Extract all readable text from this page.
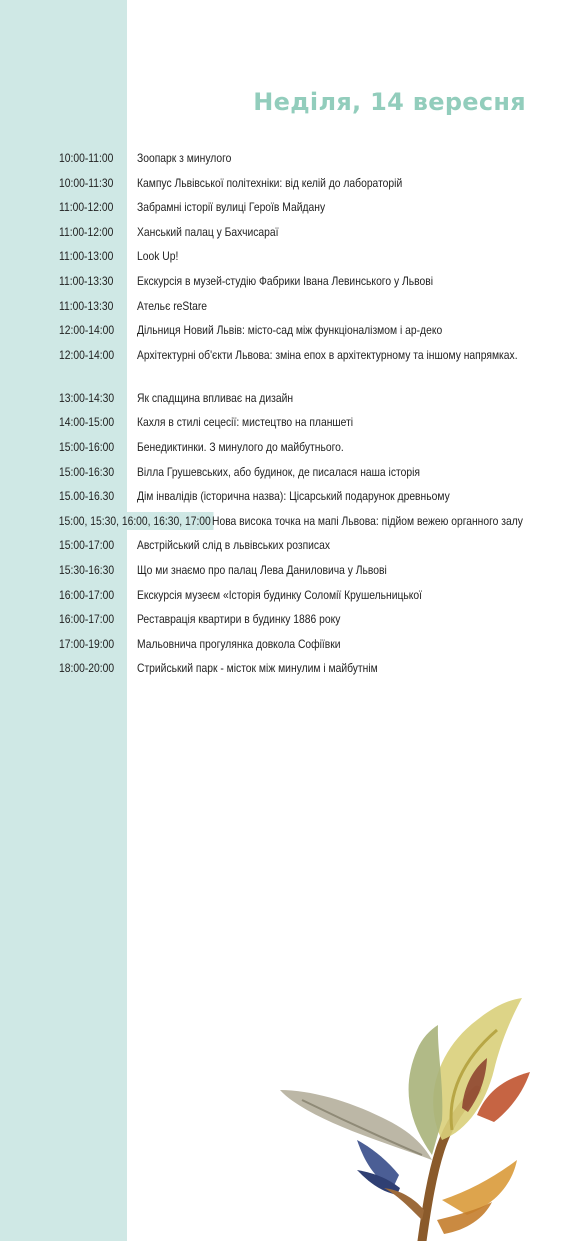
Неділя, 14 вересня
10:00-11:00 Зоопарк з минулого
10:00-11:30 Кампус Львівської політехніки: від келій до лабораторій
11:00-12:00 Забрамні історії вулиці Героїв Майдану
11:00-12:00 Ханський палац у Бахчисараї
11:00-13:00 Look Up!
11:00-13:30 Екскурсія в музей-студію Фабрики Івана Левинського у Львові
11:00-13:30 Ательє reStare
12:00-14:00 Дільниця Новий Львів: місто-сад між функціоналізмом і ар-деко
12:00-14:00 Архітектурні об'єкти Львова: зміна епох в архітектурному та іншому напрямках.
13:00-14:30 Як спадщина впливає на дизайн
14:00-15:00 Кахля в стилі сецесії: мистецтво на планшеті
15:00-16:00 Бенедиктинки. З минулого до майбутнього.
15:00-16:30 Вілла Грушевських, або будинок, де писалася наша історія
15.00-16.30 Дім інвалідів (історична назва): Цісарський подарунок древньому
15:00, 15:30, 16:00, 16:30, 17:00 Нова висока точка на мапі Львова: підйом вежею органного залу
15:00-17:00 Австрійський слід в львівських розписах
15:30-16:30 Що ми знаємо про палац Лева Даниловича у Львові
16:00-17:00 Екскурсія музеєм «Історія будинку Соломії Крушельницької
16:00-17:00 Реставрація квартири в будинку 1886 року
17:00-19:00 Мальовнича прогулянка довкола Софіївки
18:00-20:00 Стрийський парк - місток між минулим і майбутнім
